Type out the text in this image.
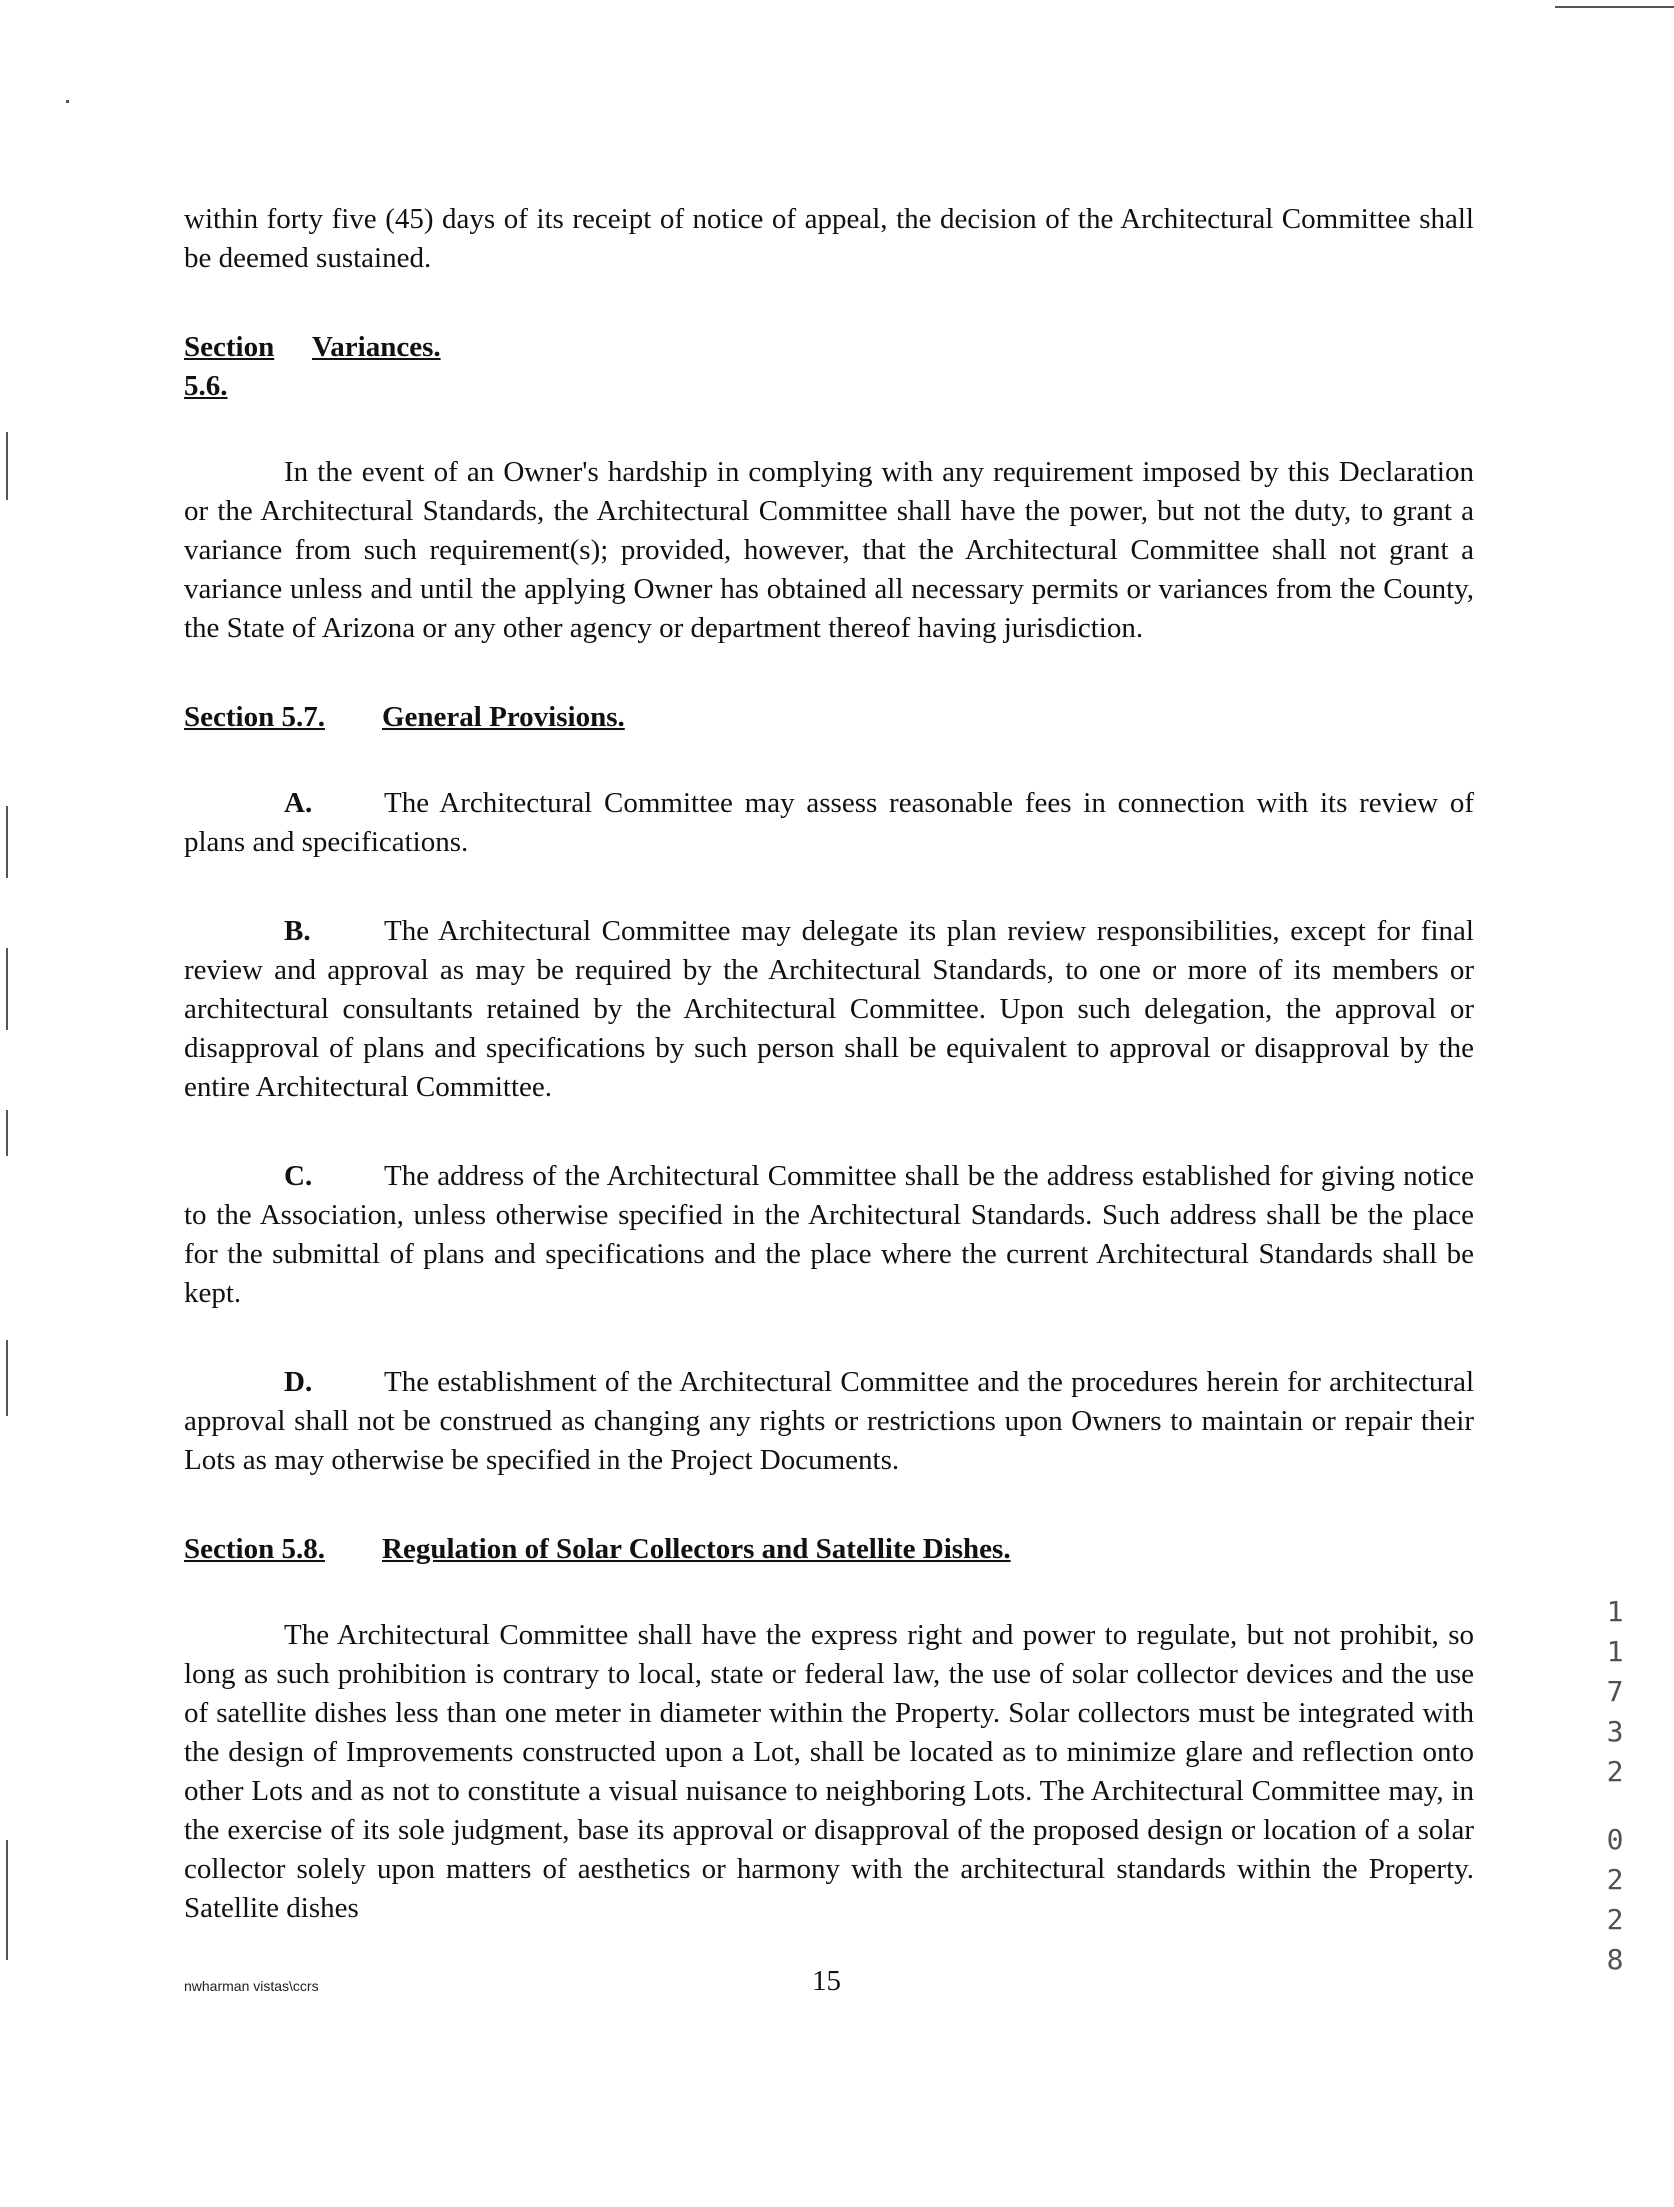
within forty five (45) days of its receipt of notice of appeal, the decision of the Architectural Committee shall be deemed sustained.

Section 5.6.
Variances.

In the event of an Owner's hardship in complying with any requirement imposed by this Declaration or the Architectural Standards, the Architectural Committee shall have the power, but not the duty, to grant a variance from such requirement(s); provided, however, that the Architectural Committee shall not grant a variance unless and until the applying Owner has obtained all necessary permits or variances from the County, the State of Arizona or any other agency or department thereof having jurisdiction.

Section 5.7.	General Provisions.

A. The Architectural Committee may assess reasonable fees in connection with its review of plans and specifications.

B.	The Architectural Committee may delegate its plan review responsibilities, except for final review and approval as may be required by the Architectural Standards, to one or more of its members or architectural consultants retained by the Architectural Committee. Upon such delegation, the approval or disapproval of plans and specifications by such person shall be equivalent to approval or disapproval by the entire Architectural Committee.

C. The address of the Architectural Committee shall be the address established for giving notice to the Association, unless otherwise specified in the Architectural Standards. Such address shall be the place for the submittal of plans and specifications and the place where the current Architectural Standards shall be kept.

D. The establishment of the Architectural Committee and the procedures herein for architectural approval shall not be construed as changing any rights or restrictions upon Owners to maintain or repair their Lots as may otherwise be specified in the Project Documents.

Section 5.8.	Regulation of Solar Collectors and Satellite Dishes.

The Architectural Committee shall have the express right and power to regulate, but not prohibit, so long as such prohibition is contrary to local, state or federal law, the use of solar collector devices and the use of satellite dishes less than one meter in diameter within the Property. Solar collectors must be integrated with the design of Improvements constructed upon a Lot, shall be located as to minimize glare and reflection onto other Lots and as not to constitute a visual nuisance to neighboring Lots. The Architectural Committee may, in the exercise of its sole judgment, base its approval or disapproval of the proposed design or location of a solar collector solely upon matters of aesthetics or harmony with the architectural standards within the Property. Satellite dishes

nwharman vistas\ccrs	15
1
1
7
3
2
0
2
2
8
